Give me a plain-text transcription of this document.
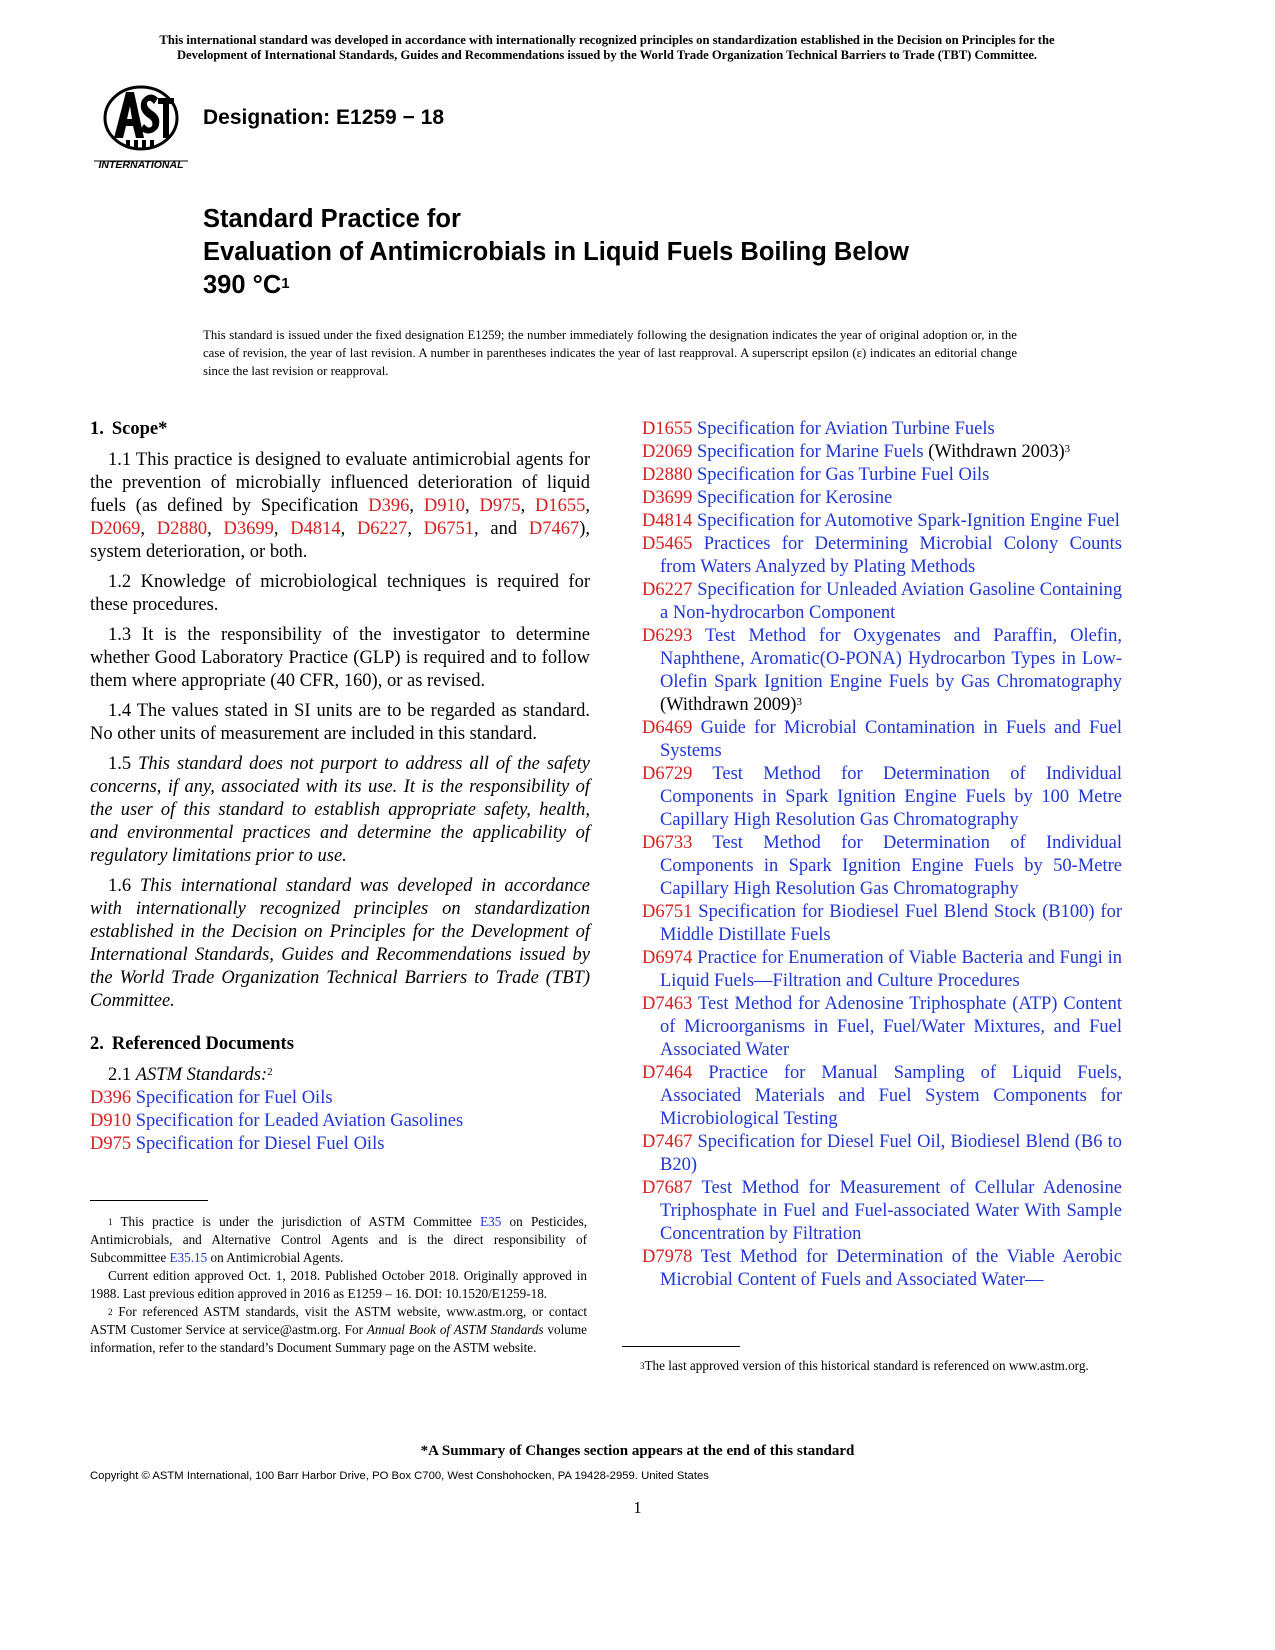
This international standard was developed in accordance with internationally recognized principles on standardization established in the Decision on Principles for the
Development of International Standards, Guides and Recommendations issued by the World Trade Organization Technical Barriers to Trade (TBT) Committee.
INTERNATIONAL
Designation: E1259 − 18
Standard Practice for
Evaluation of Antimicrobials in Liquid Fuels Boiling Below
390 $^\circ C^1$
This standard is issued under the fixed designation E1259; the number immediately following the designation indicates the year of original adoption or, in the case of revision, the year of last revision. A number in parentheses indicates the year of last reapproval. A superscript epsilon (ε) indicates an editorial change since the last revision or reapproval.
1. Scope*

1.1 This practice is designed to evaluate antimicrobial agents for the prevention of microbially influenced deterioration of liquid fuels (as defined by Specification D396, D910, D975, D1655, D2069, D2880, D3699, D4814, D6227, D6751, and D7467), system deterioration, or both.

1.2 Knowledge of microbiological techniques is required for these procedures.

1.3 It is the responsibility of the investigator to determine whether Good Laboratory Practice (GLP) is required and to follow them where appropriate (40 CFR, 160), or as revised.

1.4 The values stated in SI units are to be regarded as standard. No other units of measurement are included in this standard.

1.5 This standard does not purport to address all of the safety concerns, if any, associated with its use. It is the responsibility of the user of this standard to establish appropriate safety, health, and environmental practices and determine the applicability of regulatory limitations prior to use.

1.6 This international standard was developed in accordance with internationally recognized principles on standardization established in the Decision on Principles for the Development of International Standards, Guides and Recommendations issued by the World Trade Organization Technical Barriers to Trade (TBT) Committee.

2. Referenced Documents

2.1 ASTM Standards:$^2$

D396 Specification for Fuel Oils

D910 Specification for Leaded Aviation Gasolines

D975 Specification for Diesel Fuel Oils

$^1$ This practice is under the jurisdiction of ASTM Committee E35 on Pesticides, Antimicrobials, and Alternative Control Agents and is the direct responsibility of Subcommittee E35.15 on Antimicrobial Agents.

Current edition approved Oct. 1, 2018. Published October 2018. Originally approved in 1988. Last previous edition approved in 2016 as E1259 – 16. DOI: 10.1520/E1259-18.

$^2$ For referenced ASTM standards, visit the ASTM website, www.astm.org, or contact ASTM Customer Service at service@astm.org. For Annual Book of ASTM Standards volume information, refer to the standard’s Document Summary page on the ASTM website.

D1655 Specification for Aviation Turbine Fuels

D2069 Specification for Marine Fuels (Withdrawn 2003)$^3$

D2880 Specification for Gas Turbine Fuel Oils

D3699 Specification for Kerosine

D4814 Specification for Automotive Spark-Ignition Engine Fuel

D5465 Practices for Determining Microbial Colony Counts from Waters Analyzed by Plating Methods

D6227 Specification for Unleaded Aviation Gasoline Containing a Non-hydrocarbon Component

D6293 Test Method for Oxygenates and Paraffin, Olefin, Naphthene, Aromatic(O-PONA) Hydrocarbon Types in Low-Olefin Spark Ignition Engine Fuels by Gas Chromatography (Withdrawn 2009)$^3$

D6469 Guide for Microbial Contamination in Fuels and Fuel Systems

D6729 Test Method for Determination of Individual Components in Spark Ignition Engine Fuels by 100 Metre Capillary High Resolution Gas Chromatography

D6733 Test Method for Determination of Individual Components in Spark Ignition Engine Fuels by 50-Metre Capillary High Resolution Gas Chromatography

D6751 Specification for Biodiesel Fuel Blend Stock (B100) for Middle Distillate Fuels

D6974 Practice for Enumeration of Viable Bacteria and Fungi in Liquid Fuels—Filtration and Culture Procedures

D7463 Test Method for Adenosine Triphosphate (ATP) Content of Microorganisms in Fuel, Fuel/Water Mixtures, and Fuel Associated Water

D7464 Practice for Manual Sampling of Liquid Fuels, Associated Materials and Fuel System Components for Microbiological Testing

D7467 Specification for Diesel Fuel Oil, Biodiesel Blend (B6 to B20)

D7687 Test Method for Measurement of Cellular Adenosine Triphosphate in Fuel and Fuel-associated Water With Sample Concentration by Filtration

D7978 Test Method for Determination of the Viable Aerobic Microbial Content of Fuels and Associated Water—

$^3$The last approved version of this historical standard is referenced on www.astm.org.

*A Summary of Changes section appears at the end of this standard
Copyright © ASTM International, 100 Barr Harbor Drive, PO Box C700, West Conshohocken, PA 19428-2959. United States
1
